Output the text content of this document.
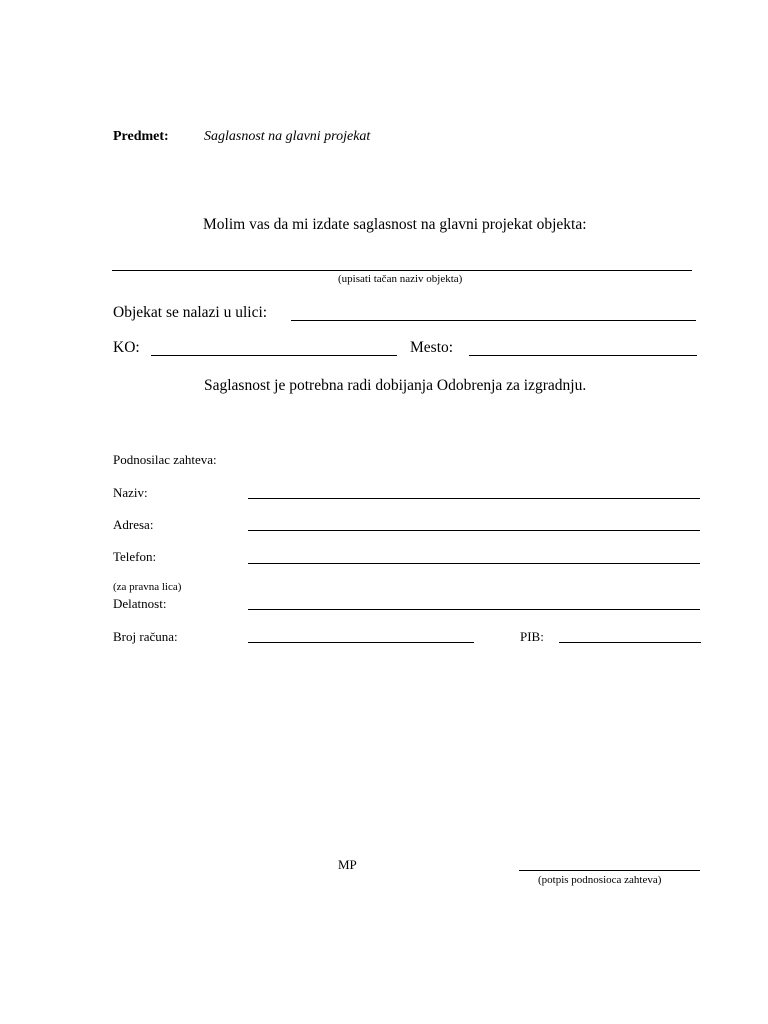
Predmet:	Saglasnost na glavni projekat
Molim vas da mi izdate saglasnost na glavni projekat objekta:
(upisati tačan naziv objekta)
Objekat se nalazi u ulici:
KO:	Mesto:
Saglasnost je potrebna radi dobijanja Odobrenja za izgradnju.
Podnosilac zahteva:
Naziv:
Adresa:
Telefon:
(za pravna lica)
Delatnost:
Broj računa:	PIB:
MP
(potpis podnosioca zahteva)
